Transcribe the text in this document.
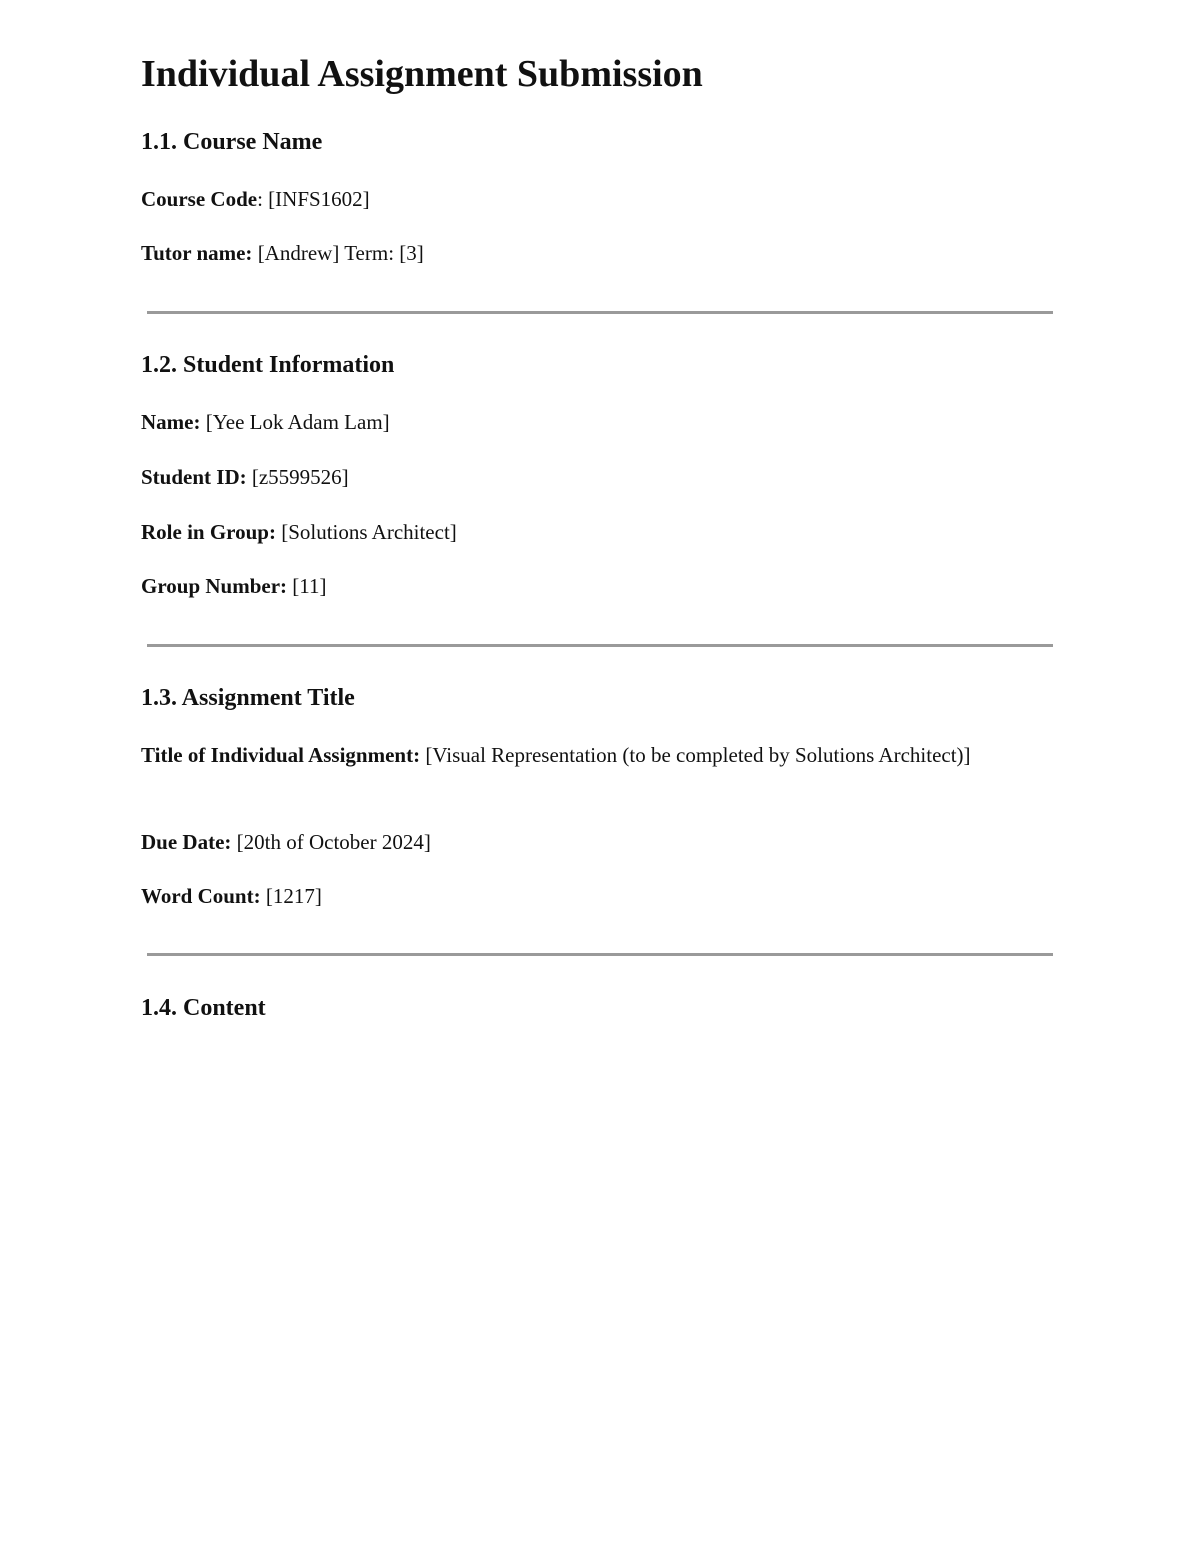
Individual Assignment Submission
1.1. Course Name

Course Code: [INFS1602]

Tutor name: [Andrew] Term: [3]

1.2. Student Information

Name: [Yee Lok Adam Lam]

Student ID: [z5599526]

Role in Group: [Solutions Architect]

Group Number: [11]

1.3. Assignment Title

Title of Individual Assignment: [Visual Representation (to be completed by Solutions Architect)]

Due Date: [20th of October 2024]

Word Count: [1217]

1.4. Content
